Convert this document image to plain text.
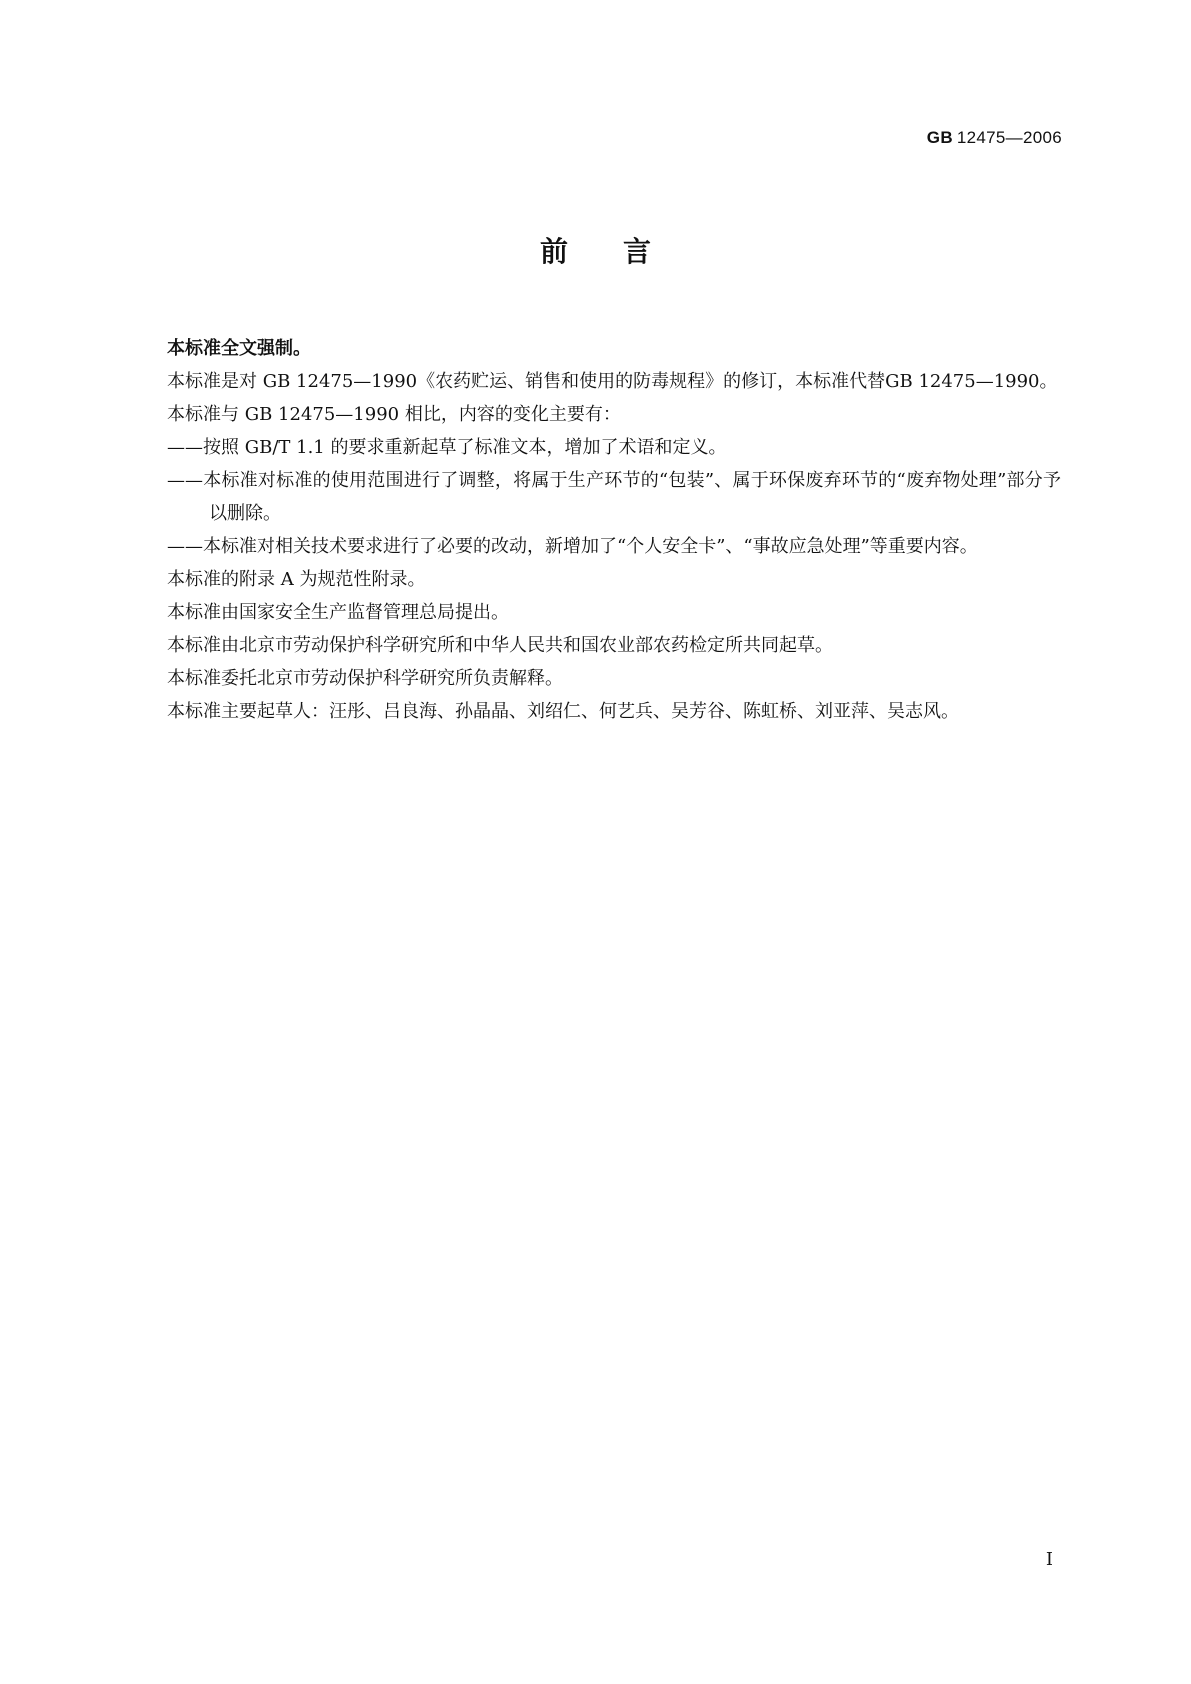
GB 12475—2006
前言

本标准全文强制。

本标准是对 GB 12475—1990《农药贮运、销售和使用的防毒规程》的修订，本标准代替GB 12475—1990。

本标准与 GB 12475—1990 相比，内容的变化主要有：

——按照 GB/T 1.1 的要求重新起草了标准文本，增加了术语和定义。

——本标准对标准的使用范围进行了调整，将属于生产环节的“包装”、属于环保废弃环节的“废弃物处理”部分予以删除。

——本标准对相关技术要求进行了必要的改动，新增加了“个人安全卡”、“事故应急处理”等重要内容。

本标准的附录 A 为规范性附录。

本标准由国家安全生产监督管理总局提出。

本标准由北京市劳动保护科学研究所和中华人民共和国农业部农药检定所共同起草。

本标准委托北京市劳动保护科学研究所负责解释。

本标准主要起草人：汪彤、吕良海、孙晶晶、刘绍仁、何艺兵、吴芳谷、陈虹桥、刘亚萍、吴志风。

I
